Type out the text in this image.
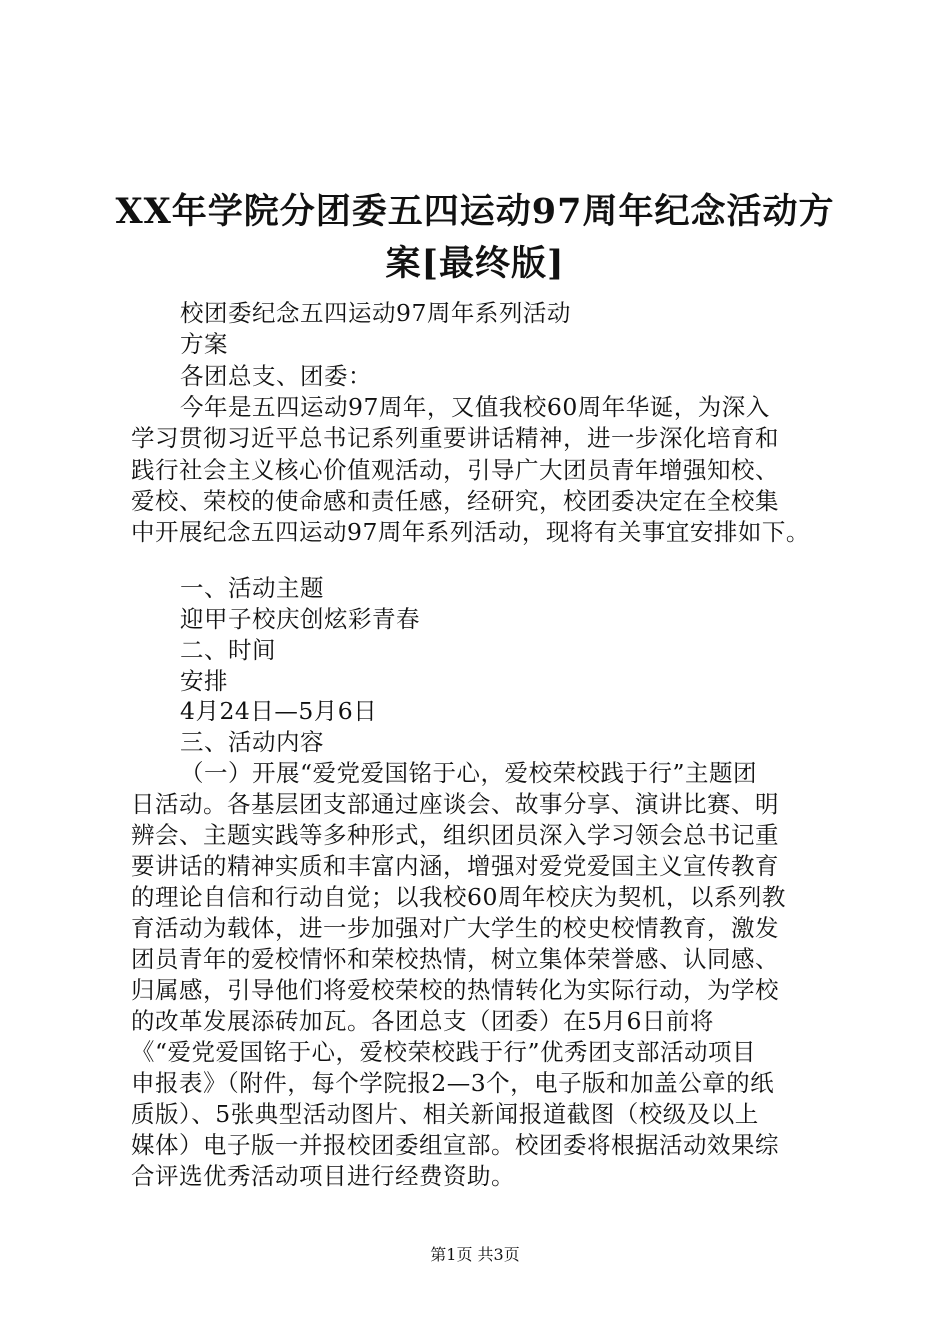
XX年学院分团委五四运动97周年纪念活动方
案[最终版]
校团委纪念五四运动97周年系列活动
方案
各团总支、团委：
今年是五四运动97周年，又值我校60周年华诞，为深入
学习贯彻习近平总书记系列重要讲话精神，进一步深化培育和
践行社会主义核心价值观活动，引导广大团员青年增强知校、
爱校、荣校的使命感和责任感，经研究，校团委决定在全校集
中开展纪念五四运动97周年系列活动，现将有关事宜安排如下。
一、活动主题
迎甲子校庆创炫彩青春
二、时间
安排
4月24日—5月6日
三、活动内容
（一）开展“爱党爱国铭于心，爱校荣校践于行”主题团
日活动。各基层团支部通过座谈会、故事分享、演讲比赛、明
辨会、主题实践等多种形式，组织团员深入学习领会总书记重
要讲话的精神实质和丰富内涵，增强对爱党爱国主义宣传教育
的理论自信和行动自觉；以我校60周年校庆为契机，以系列教
育活动为载体，进一步加强对广大学生的校史校情教育，激发
团员青年的爱校情怀和荣校热情，树立集体荣誉感、认同感、
归属感，引导他们将爱校荣校的热情转化为实际行动，为学校
的改革发展添砖加瓦。各团总支（团委）在5月6日前将
《“爱党爱国铭于心，爱校荣校践于行”优秀团支部活动项目
申报表》（附件，每个学院报2—3个，电子版和加盖公章的纸
质版）、5张典型活动图片、相关新闻报道截图（校级及以上
媒体）电子版一并报校团委组宣部。校团委将根据活动效果综
合评选优秀活动项目进行经费资助。
第1页 共3页
